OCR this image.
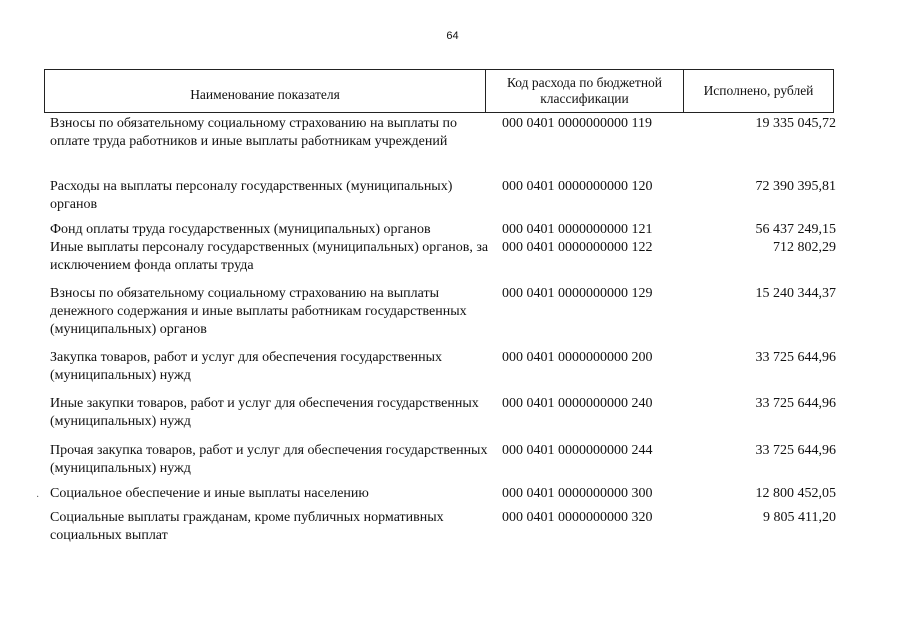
64
Наименование показателя
Код расхода по бюджетной классификации
Исполнено, рублей
Взносы по обязательному социальному страхованию на выплаты по оплате труда работников и иные выплаты работникам учреждений
000 0401 0000000000 119	19 335 045,72
Расходы на выплаты персоналу государственных (муниципальных) органов
000 0401 0000000000 120	72 390 395,81
Фонд оплаты труда государственных (муниципальных) органов	000 0401 0000000000 121	56 437 249,15
Иные выплаты персоналу государственных (муниципальных) органов, за исключением фонда оплаты труда
000 0401 0000000000 122	712 802,29
Взносы по обязательному социальному страхованию на выплаты денежного содержания и иные выплаты работникам государственных (муниципальных) органов
000 0401 0000000000 129	15 240 344,37
Закупка товаров, работ и услуг для обеспечения государственных (муниципальных) нужд
000 0401 0000000000 200	33 725 644,96
Иные закупки товаров, работ и услуг для обеспечения государственных (муниципальных) нужд
000 0401 0000000000 240	33 725 644,96
Прочая закупка товаров, работ и услуг для обеспечения государственных (муниципальных) нужд
000 0401 0000000000 244	33 725 644,96
Социальное обеспечение и иные выплаты населению	000 0401 0000000000 300	12 800 452,05
Социальные выплаты гражданам, кроме публичных нормативных социальных выплат
000 0401 0000000000 320	9 805 411,20
·
